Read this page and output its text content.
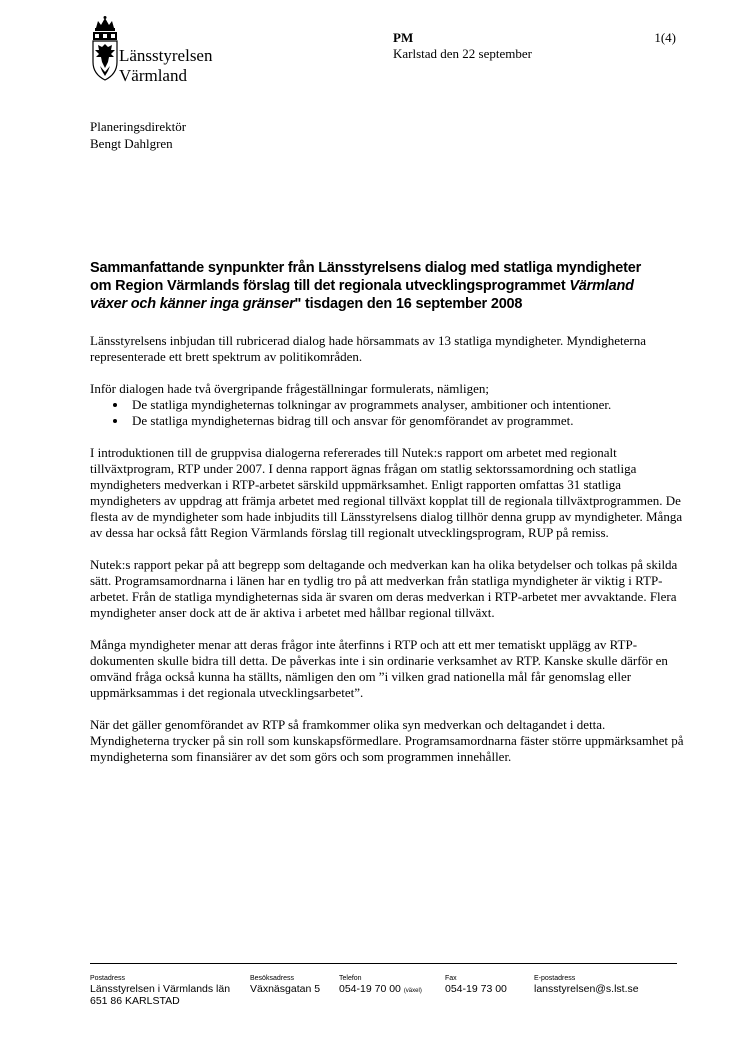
Länsstyrelsen
Värmland
PM
Karlstad den 22 september
1(4)
Planeringsdirektör
Bengt Dahlgren
Sammanfattande synpunkter från Länsstyrelsens dialog med statliga myndigheter om Region Värmlands förslag till det regionala utvecklingsprogrammet Värmland växer och känner inga gränser" tisdagen den 16 september 2008

Länsstyrelsens inbjudan till rubricerad dialog hade hörsammats av 13 statliga myndigheter. Myndigheterna representerade ett brett spektrum av politikområden.

Inför dialogen hade två övergripande frågeställningar formulerats, nämligen;
• De statliga myndigheternas tolkningar av programmets analyser, ambitioner och intentioner.
• De statliga myndigheternas bidrag till och ansvar för genomförandet av programmet.

I introduktionen till de gruppvisa dialogerna refererades till Nutek:s rapport om arbetet med regionalt tillväxtprogram, RTP under 2007. I denna rapport ägnas frågan om statlig sektorssamordning och statliga myndigheters medverkan i RTP-arbetet särskild uppmärksamhet. Enligt rapporten omfattas 31 statliga myndigheters av uppdrag att främja arbetet med regional tillväxt kopplat till de regionala tillväxtprogrammen. De flesta av de myndigheter som hade inbjudits till Länsstyrelsens dialog tillhör denna grupp av myndigheter. Många av dessa har också fått Region Värmlands förslag till regionalt utvecklingsprogram, RUP på remiss.

Nutek:s rapport pekar på att begrepp som deltagande och medverkan kan ha olika betydelser och tolkas på skilda sätt. Programsamordnarna i länen har en tydlig tro på att medverkan från statliga myndigheter är viktig i RTP-arbetet. Från de statliga myndigheternas sida är svaren om deras medverkan i RTP-arbetet mer avvaktande. Flera myndigheter anser dock att de är aktiva i arbetet med hållbar regional tillväxt.

Många myndigheter menar att deras frågor inte återfinns i RTP och att ett mer tematiskt upplägg av RTP-dokumenten skulle bidra till detta. De påverkas inte i sin ordinarie verksamhet av RTP. Kanske skulle därför en omvänd fråga också kunna ha ställts, nämligen den om ”i vilken grad nationella mål får genomslag eller uppmärksammas i det regionala utvecklingsarbetet”.

När det gäller genomförandet av RTP så framkommer olika syn medverkan och deltagandet i detta. Myndigheterna trycker på sin roll som kunskapsförmedlare. Programsamordnarna fäster större uppmärksamhet på myndigheterna som finansiärer av det som görs och som programmen innehåller.

Postadress
Länsstyrelsen i Värmlands län
651 86 KARLSTAD
Besöksadress
Växnäsgatan 5
Telefon
054-19 70 00 (växel)
Fax
054-19 73 00
E-postadress
lansstyrelsen@s.lst.se
